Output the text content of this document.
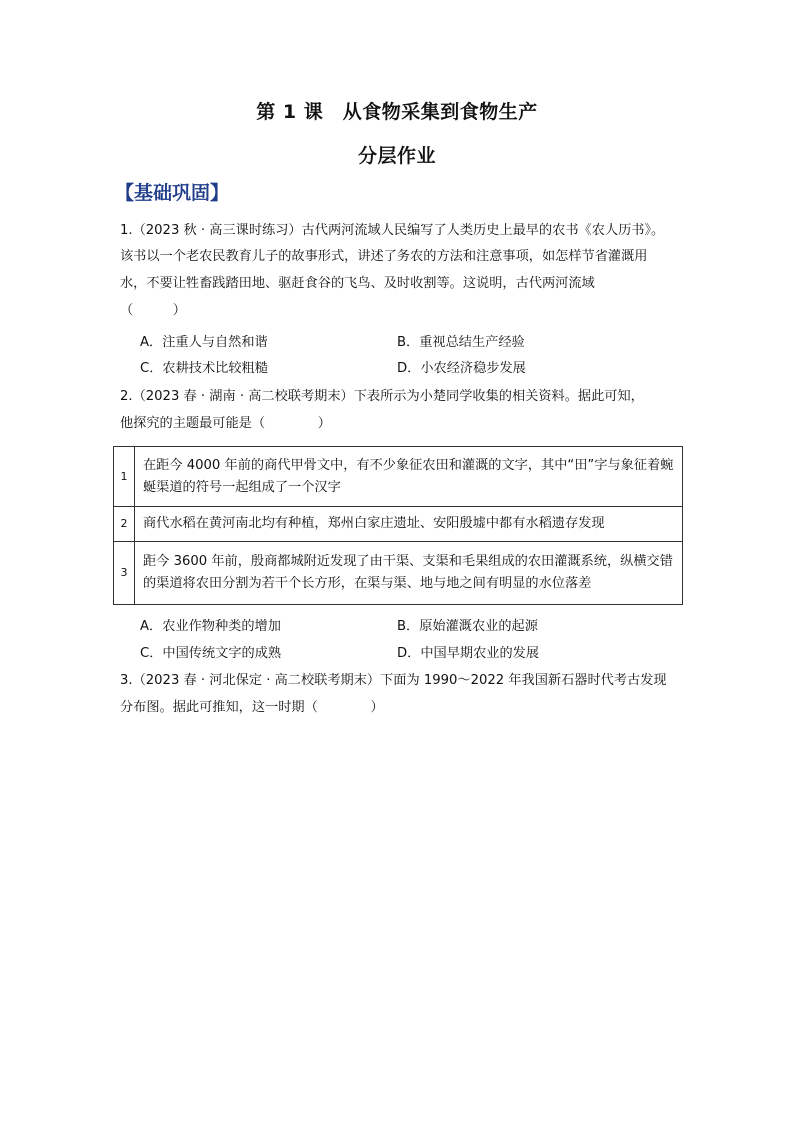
第 1 课　从食物采集到食物生产
分层作业
【基础巩固】
1.（2023 秋 · 高三课时练习）古代两河流域人民编写了人类历史上最早的农书《农人历书》。
该书以一个老农民教育儿子的故事形式，讲述了务农的方法和注意事项，如怎样节省灌溉用
水，不要让牲畜践踏田地、驱赶食谷的飞鸟、及时收割等。这说明，古代两河流域
（　　　）
A．注重人与自然和谐	B．重视总结生产经验
C．农耕技术比较粗糙	D．小农经济稳步发展
2.（2023 春 · 湖南 · 高二校联考期末）下表所示为小楚同学收集的相关资料。据此可知，
他探究的主题最可能是（　　　　）
1	在距今 4000 年前的商代甲骨文中，有不少象征农田和灌溉的文字，其中“田”字与象征着蜿蜒渠道的符号一起组成了一个汉字
2	商代水稻在黄河南北均有种植，郑州白家庄遗址、安阳殷墟中都有水稻遗存发现
3	距今 3600 年前，殷商都城附近发现了由干渠、支渠和毛果组成的农田灌溉系统，纵横交错的渠道将农田分割为若干个长方形，在渠与渠、地与地之间有明显的水位落差
A．农业作物种类的增加	B．原始灌溉农业的起源
C．中国传统文字的成熟	D．中国早期农业的发展
3.（2023 春 · 河北保定 · 高二校联考期末）下面为 1990～2022 年我国新石器时代考古发现
分布图。据此可推知，这一时期（　　　　）
